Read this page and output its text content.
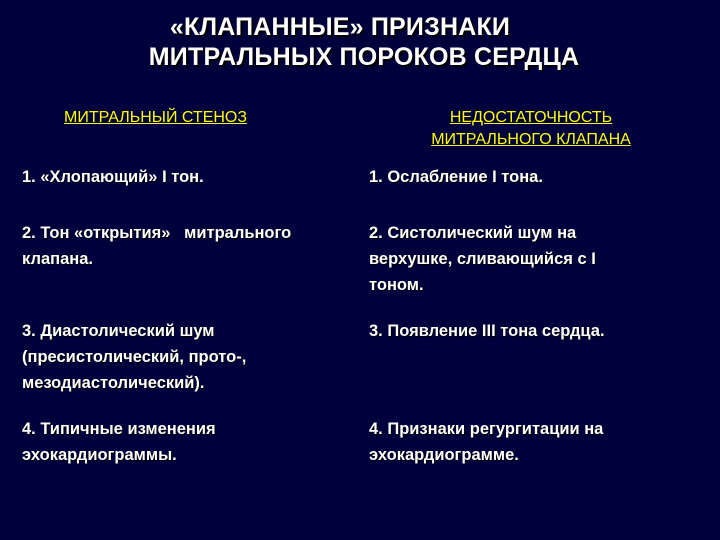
«КЛАПАННЫЕ» ПРИЗНАКИ
МИТРАЛЬНЫХ ПОРОКОВ СЕРДЦА
МИТРАЛЬНЫЙ СТЕНОЗ	НЕДОСТАТОЧНОСТЬ
МИТРАЛЬНОГО КЛАПАНА
1. «Хлопающий» I тон.	1. Ослабление I тона.
2. Тон «открытия»   митрального
клапана.
2. Систолический шум на
верхушке, сливающийся с I
тоном.
3. Диастолический шум
(пресистолический, прото-,
мезодиастолический).
3. Появление III тона сердца.
4. Типичные изменения
эхокардиограммы.
4. Признаки регургитации на
эхокардиограмме.
